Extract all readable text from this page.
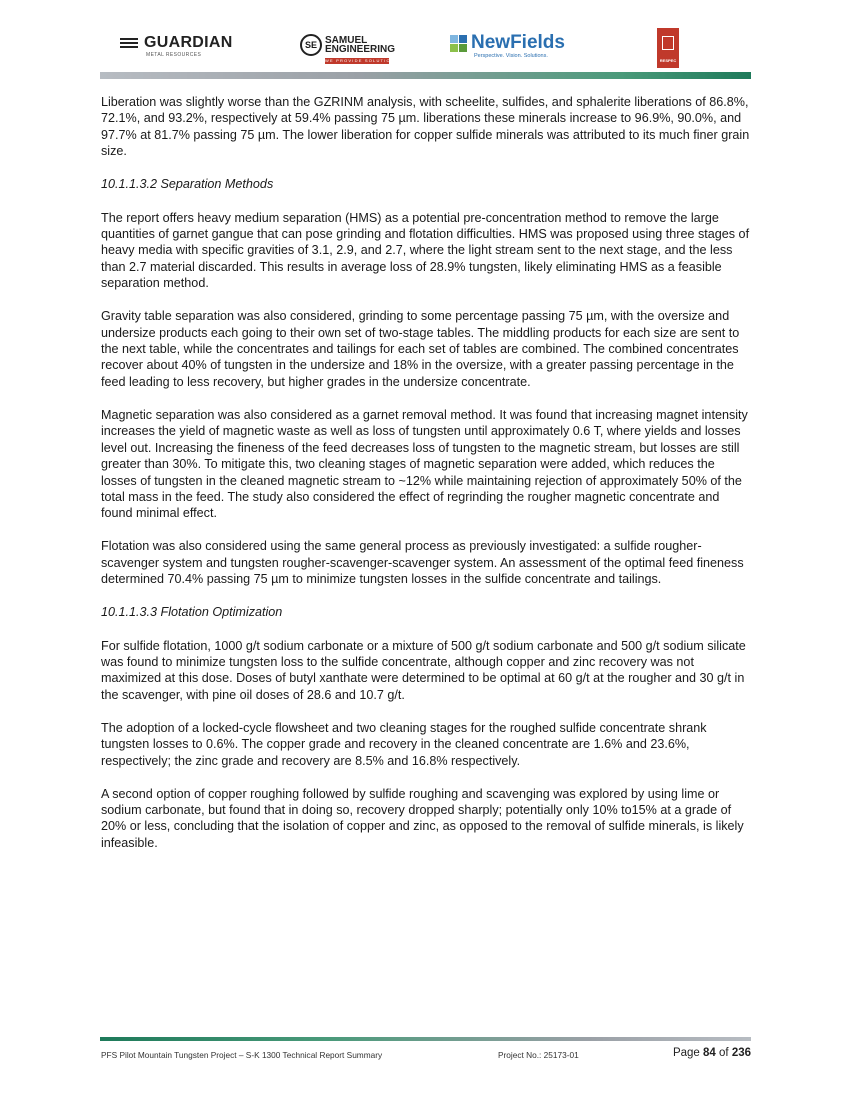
GUARDIAN
METAL RESOURCES
SE SAMUEL
ENGINEERING
WE PROVIDE SOLUTIONS
NewFields
Perspective. Vision. Solutions.
RESPEC

Liberation was slightly worse than the GZRINM analysis, with scheelite, sulfides, and sphalerite liberations of 86.8%, 72.1%, and 93.2%, respectively at 59.4% passing 75 µm. liberations these minerals increase to 96.9%, 90.0%, and 97.7% at 81.7% passing 75 µm. The lower liberation for copper sulfide minerals was attributed to its much finer grain size.

10.1.1.3.2 Separation Methods

The report offers heavy medium separation (HMS) as a potential pre-concentration method to remove the large quantities of garnet gangue that can pose grinding and flotation difficulties. HMS was proposed using three stages of heavy media with specific gravities of 3.1, 2.9, and 2.7, where the light stream sent to the next stage, and the less than 2.7 material discarded. This results in average loss of 28.9% tungsten, likely eliminating HMS as a feasible separation method.

Gravity table separation was also considered, grinding to some percentage passing 75 µm, with the oversize and undersize products each going to their own set of two-stage tables. The middling products for each size are sent to the next table, while the concentrates and tailings for each set of tables are combined. The combined concentrates recover about 40% of tungsten in the undersize and 18% in the oversize, with a greater passing percentage in the feed leading to less recovery, but higher grades in the undersize concentrate.

Magnetic separation was also considered as a garnet removal method. It was found that increasing magnet intensity increases the yield of magnetic waste as well as loss of tungsten until approximately 0.6 T, where yields and losses level out. Increasing the fineness of the feed decreases loss of tungsten to the magnetic stream, but losses are still greater than 30%. To mitigate this, two cleaning stages of magnetic separation were added, which reduces the losses of tungsten in the cleaned magnetic stream to ~12% while maintaining rejection of approximately 50% of the total mass in the feed. The study also considered the effect of regrinding the rougher magnetic concentrate and found minimal effect.

Flotation was also considered using the same general process as previously investigated: a sulfide rougher-scavenger system and tungsten rougher-scavenger-scavenger system. An assessment of the optimal feed fineness determined 70.4% passing 75 µm to minimize tungsten losses in the sulfide concentrate and tailings.

10.1.1.3.3 Flotation Optimization

For sulfide flotation, 1000 g/t sodium carbonate or a mixture of 500 g/t sodium carbonate and 500 g/t sodium silicate was found to minimize tungsten loss to the sulfide concentrate, although copper and zinc recovery was not maximized at this dose. Doses of butyl xanthate were determined to be optimal at 60 g/t at the rougher and 30 g/t in the scavenger, with pine oil doses of 28.6 and 10.7 g/t.

The adoption of a locked-cycle flowsheet and two cleaning stages for the roughed sulfide concentrate shrank tungsten losses to 0.6%. The copper grade and recovery in the cleaned concentrate are 1.6% and 23.6%, respectively; the zinc grade and recovery are 8.5% and 16.8% respectively.

A second option of copper roughing followed by sulfide roughing and scavenging was explored by using lime or sodium carbonate, but found that in doing so, recovery dropped sharply; potentially only 10% to15% at a grade of 20% or less, concluding that the isolation of copper and zinc, as opposed to the removal of sulfide minerals, is likely infeasible.

PFS Pilot Mountain Tungsten Project – S-K 1300 Technical Report Summary	Project No.: 25173-01	Page 84 of 236
